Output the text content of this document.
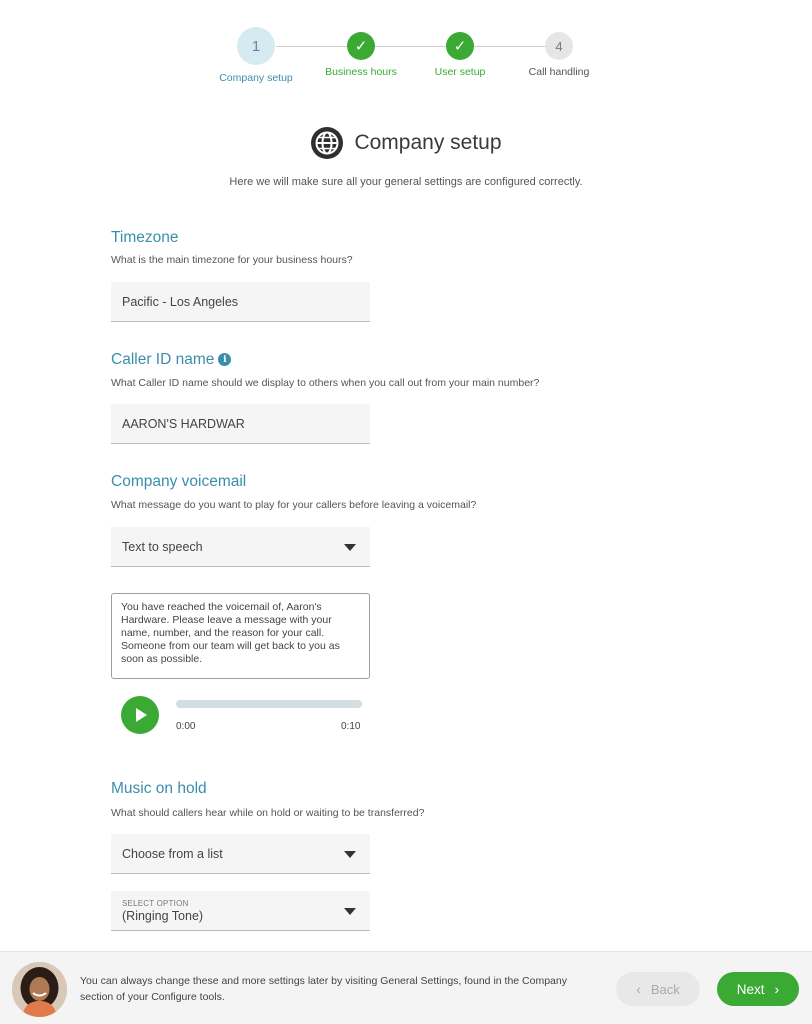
1
Company setup
✓
Business hours
✓
User setup
4
Call handling
Company setup
Here we will make sure all your general settings are configured correctly.
Timezone
What is the main timezone for your business hours?
Pacific - Los Angeles
Caller ID name i
What Caller ID name should we display to others when you call out from your main number?
AARON'S HARDWAR
Company voicemail
What message do you want to play for your callers before leaving a voicemail?
Text to speech
You have reached the voicemail of, Aaron's Hardware. Please leave a message with your name, number, and the reason for your call. Someone from our team will get back to you as soon as possible.
0:00	0:10
Music on hold
What should callers hear while on hold or waiting to be transferred?
Choose from a list
SELECT OPTION
(Ringing Tone)
You can always change these and more settings later by visiting General Settings, found in the Company section of your Configure tools.	‹ Back	Next ›
